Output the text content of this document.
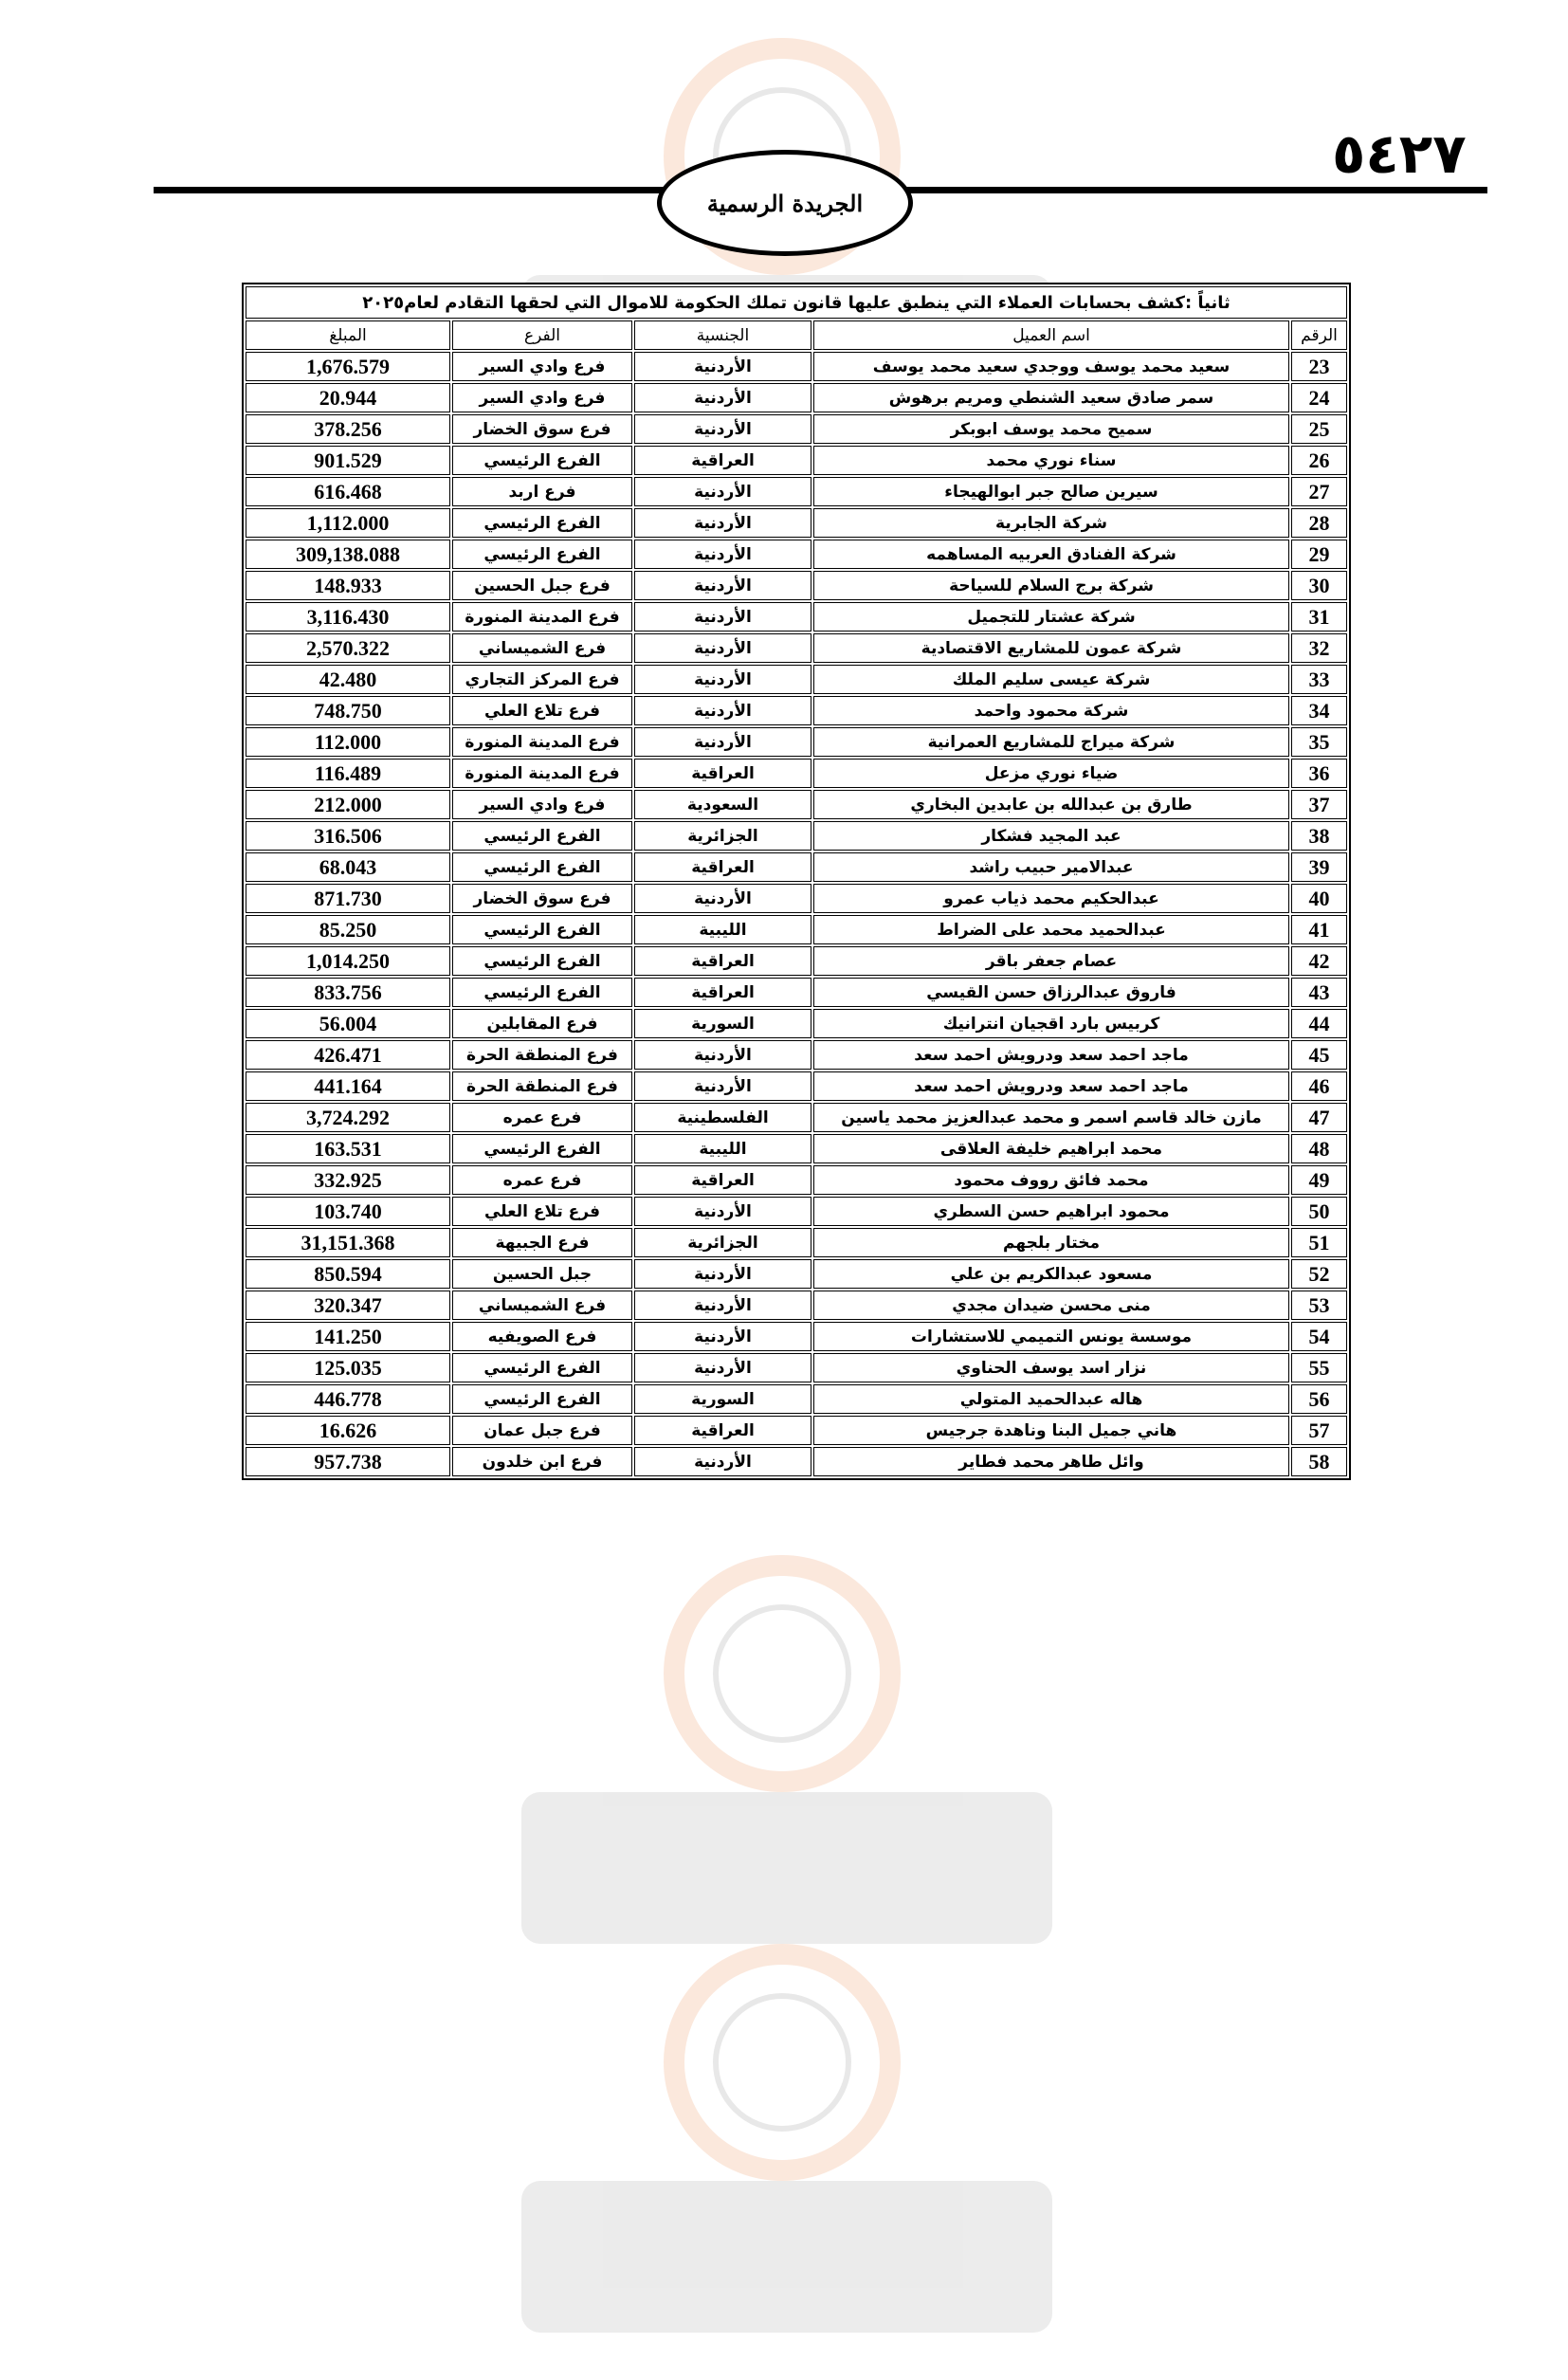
الجريدة الرسمية
٥٤٢٧
ثانياً :كشف بحسابات العملاء التي ينطبق عليها قانون تملك الحكومة للاموال التي لحقها التقادم لعام٢٠٢٥				
الرقم	اسم العميل	الجنسية	الفرع	المبلغ
23	سعيد محمد يوسف ووجدي سعيد محمد يوسف	الأردنية	فرع وادي السير	1,676.579
24	سمر صادق سعيد الشنطي ومريم برهوش	الأردنية	فرع وادي السير	20.944
25	سميح محمد يوسف ابوبكر	الأردنية	فرع سوق الخضار	378.256
26	سناء نوري محمد	العراقية	الفرع الرئيسي	901.529
27	سيرين صالح جبر ابوالهيجاء	الأردنية	فرع اربد	616.468
28	شركة الجابرية	الأردنية	الفرع الرئيسي	1,112.000
29	شركة الفنادق العربيه المساهمه	الأردنية	الفرع الرئيسي	309,138.088
30	شركة برج السلام للسياحة	الأردنية	فرع جبل الحسين	148.933
31	شركة عشتار للتجميل	الأردنية	فرع المدينة المنورة	3,116.430
32	شركة عمون للمشاريع الاقتصادية	الأردنية	فرع الشميساني	2,570.322
33	شركة عيسى سليم الملك	الأردنية	فرع المركز التجاري	42.480
34	شركة محمود واحمد	الأردنية	فرع تلاع العلي	748.750
35	شركة ميراج للمشاريع العمرانية	الأردنية	فرع المدينة المنورة	112.000
36	ضياء نوري مزعل	العراقية	فرع المدينة المنورة	116.489
37	طارق بن عبدالله بن عابدين البخاري	السعودية	فرع وادي السير	212.000
38	عبد المجيد فشكار	الجزائرية	الفرع الرئيسي	316.506
39	عبدالامير حبيب راشد	العراقية	الفرع الرئيسي	68.043
40	عبدالحكيم محمد ذياب عمرو	الأردنية	فرع سوق الخضار	871.730
41	عبدالحميد محمد على الضراط	الليبية	الفرع الرئيسي	85.250
42	عصام جعفر باقر	العراقية	الفرع الرئيسي	1,014.250
43	فاروق عبدالرزاق حسن القيسي	العراقية	الفرع الرئيسي	833.756
44	كربيس بارد اقجيان انترانيك	السورية	فرع المقابلين	56.004
45	ماجد احمد سعد ودرويش احمد سعد	الأردنية	فرع المنطقة الحرة	426.471
46	ماجد احمد سعد ودرويش احمد سعد	الأردنية	فرع المنطقة الحرة	441.164
47	مازن خالد قاسم اسمر و محمد عبدالعزيز محمد ياسين	الفلسطينية	فرع عمره	3,724.292
48	محمد ابراهيم خليفة العلاقى	الليبية	الفرع الرئيسي	163.531
49	محمد فائق رووف محمود	العراقية	فرع عمره	332.925
50	محمود ابراهيم حسن السطري	الأردنية	فرع تلاع العلي	103.740
51	مختار بلجهم	الجزائرية	فرع الجبيهة	31,151.368
52	مسعود عبدالكريم بن علي	الأردنية	جبل الحسين	850.594
53	منى محسن ضيدان مجدي	الأردنية	فرع الشميساني	320.347
54	موسسة يونس التميمي للاستشارات	الأردنية	فرع الصويفيه	141.250
55	نزار اسد يوسف الحناوي	الأردنية	الفرع الرئيسي	125.035
56	هاله عبدالحميد المتولي	السورية	الفرع الرئيسي	446.778
57	هاني جميل البنا وناهدة جرجيس	العراقية	فرع جبل عمان	16.626
58	وائل طاهر محمد فطاير	الأردنية	فرع ابن خلدون	957.738
